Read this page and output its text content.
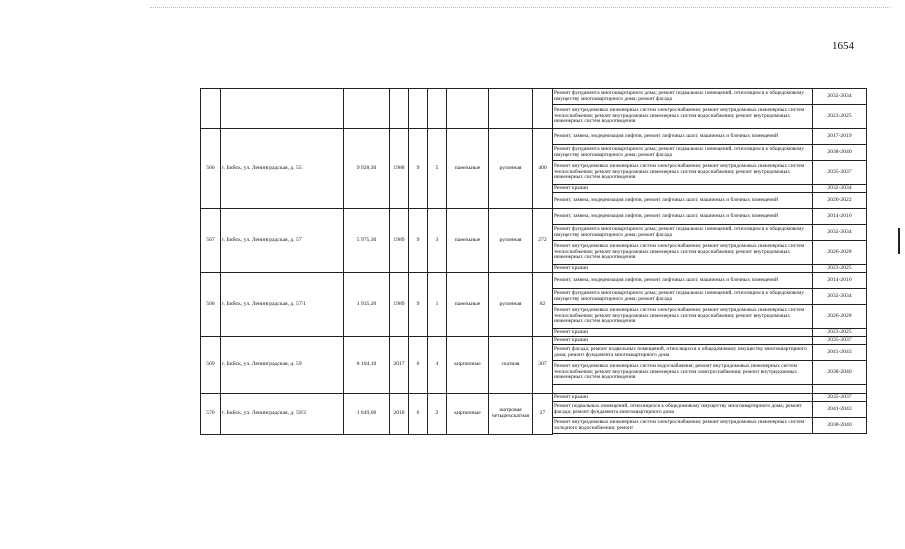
1654
									Ремонт фундамента многоквартирного дома; ремонт подвальных помещений, относящихся к общедомовому имуществу многоквартирного дома; ремонт фасада	2032-2034
									Ремонт внутридомовых инженерных систем электроснабжения; ремонт внутридомовых инженерных систем теплоснабжения; ремонт внутридомовых инженерных систем водоснабжения; ремонт внутридомовых инженерных систем водоотведения	2023-2025
566	г. Бийск, ул. Ленинградская, д. 55	9 928,30	1988	9	5	панельные	рулонная	400	Ремонт, замена, модернизация лифтов, ремонт лифтовых шахт, машинных и блочных помещений	2017-2019
									Ремонт фундамента многоквартирного дома; ремонт подвальных помещений, относящихся к общедомовому имуществу многоквартирного дома; ремонт фасада	2038-2040
									Ремонт внутридомовых инженерных систем электроснабжения; ремонт внутридомовых инженерных систем теплоснабжения; ремонт внутридомовых инженерных систем водоснабжения; ремонт внутридомовых инженерных систем водоотведения	2035-2037
									Ремонт крыши	2032-2034
									Ремонт, замена, модернизация лифтов, ремонт лифтовых шахт, машинных и блочных помещений	2020-2022
567	г. Бийск, ул. Ленинградская, д. 57	5 975,30	1989	9	3	панельные	рулонная	272	Ремонт, замена, модернизация лифтов, ремонт лифтовых шахт, машинных и блочных помещений	2014-2016
									Ремонт фундамента многоквартирного дома; ремонт подвальных помещений, относящихся к общедомовому имуществу многоквартирного дома; ремонт фасада	2032-2034
									Ремонт внутридомовых инженерных систем электроснабжения; ремонт внутридомовых инженерных систем теплоснабжения; ремонт внутридомовых инженерных систем водоснабжения; ремонт внутридомовых инженерных систем водоотведения	2026-2028
									Ремонт крыши	2023-2025
568	г. Бийск, ул. Ленинградская, д. 57/1	1 935,20	1989	9	1	панельные	рулонная	82	Ремонт, замена, модернизация лифтов, ремонт лифтовых шахт, машинных и блочных помещений	2014-2016
									Ремонт фундамента многоквартирного дома; ремонт подвальных помещений, относящихся к общедомовому имуществу многоквартирного дома; ремонт фасада	2032-2034
									Ремонт внутридомовых инженерных систем электроснабжения; ремонт внутридомовых инженерных систем теплоснабжения; ремонт внутридомовых инженерных систем водоснабжения; ремонт внутридомовых инженерных систем водоотведения	2026-2028
									Ремонт крыши	2023-2025
569	г. Бийск, ул. Ленинградская, д. 59	8 104,10	2017	6	4	кирпичные	скатная	307	Ремонт крыши	2035-2037
									Ремонт фасада; ремонт подвальных помещений, относящихся к общедомовому имуществу многоквартирного дома; ремонт фундамента многоквартирного дома	2041-2043
									Ремонт внутридомовых инженерных систем водоснабжения; ремонт внутридомовых инженерных систем теплоснабжения; ремонт внутридомовых инженерных систем электроснабжения; ремонт внутридомовых инженерных систем водоотведения	2038-2040

570	г. Бийск, ул. Ленинградская, д. 59/2	1 849,60	2018	6	2	кирпичные	шатровая четырехскатная	27	Ремонт крыши	2035-2037
									Ремонт подвальных помещений, относящихся к общедомовому имуществу многоквартирного дома; ремонт фасада; ремонт фундамента многоквартирного дома	2041-2043
									Ремонт внутридомовых инженерных систем электроснабжения; ремонт внутридомовых инженерных систем холодного водоснабжения; ремонт	2038-2040
